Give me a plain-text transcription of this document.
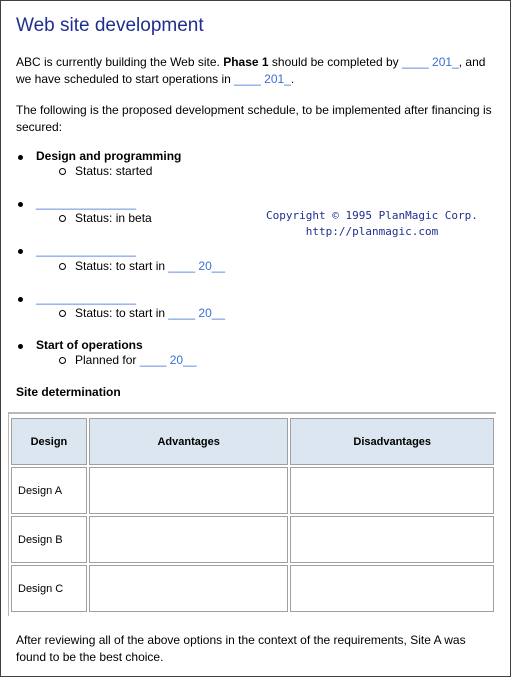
Web site development
ABC is currently building the Web site. Phase 1 should be completed by ____ 201_, and we have scheduled to start operations in ____ 201_.
The following is the proposed development schedule, to be implemented after financing is secured:
Design and programming
Status: started
_______________
Status: in beta
_______________
Status: to start in ____ 20__
_______________
Status: to start in ____ 20__
Start of operations
Planned for ____ 20__
Copyright © 1995 PlanMagic Corp.
http://planmagic.com
Site determination
Design	Advantages	Disadvantages
Design A		
Design B		
Design C		
After reviewing all of the above options in the context of the requirements, Site A was found to be the best choice.
